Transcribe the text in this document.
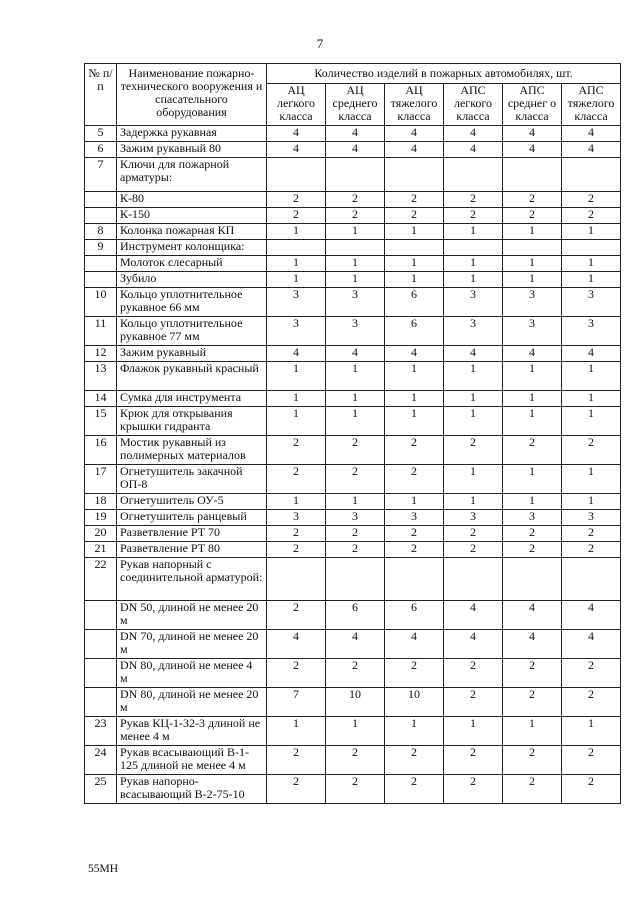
7
№ п/п	Наименование пожарно-технического вооружения и спасательного оборудования	Количество изделий в пожарных автомобилях, шт.					
		АЦ легкого класса	АЦ среднего класса	АЦ тяжелого класса	АПС легкого класса	АПС среднег о класса	АПС тяжелого класса
5	Задержка рукавная	4	4	4	4	4	4
6	Зажим рукавный 80	4	4	4	4	4	4
7	Ключи для пожарной арматуры:						
	К-80	2	2	2	2	2	2
	К-150	2	2	2	2	2	2
8	Колонка пожарная КП	1	1	1	1	1	1
9	Инструмент колонщика:						
	Молоток слесарный	1	1	1	1	1	1
	Зубило	1	1	1	1	1	1
10	Кольцо уплотнительное рукавное 66 мм	3	3	6	3	3	3
11	Кольцо уплотнительное рукавное 77 мм	3	3	6	3	3	3
12	Зажим рукавный	4	4	4	4	4	4
13	Флажок рукавный красный	1	1	1	1	1	1
14	Сумка для инструмента	1	1	1	1	1	1
15	Крюк для открывания крышки гидранта	1	1	1	1	1	1
16	Мостик рукавный из полимерных материалов	2	2	2	2	2	2
17	Огнетушитель закачной ОП-8	2	2	2	1	1	1
18	Огнетушитель ОУ-5	1	1	1	1	1	1
19	Огнетушитель ранцевый	3	3	3	3	3	3
20	Разветвление РТ 70	2	2	2	2	2	2
21	Разветвление РТ 80	2	2	2	2	2	2
22	Рукав напорный с соединительной арматурой:						
	DN 50, длиной не менее 20 м	2	6	6	4	4	4
	DN 70, длиной не менее 20 м	4	4	4	4	4	4
	DN 80, длиной не менее 4 м	2	2	2	2	2	2
	DN 80, длиной не менее 20 м	7	10	10	2	2	2
23	Рукав КЦ-1-32-3 длиной не менее 4 м	1	1	1	1	1	1
24	Рукав всасывающий В-1-125 длиной не менее 4 м	2	2	2	2	2	2
25	Рукав напорно-всасывающий В-2-75-10	2	2	2	2	2	2
55МН
